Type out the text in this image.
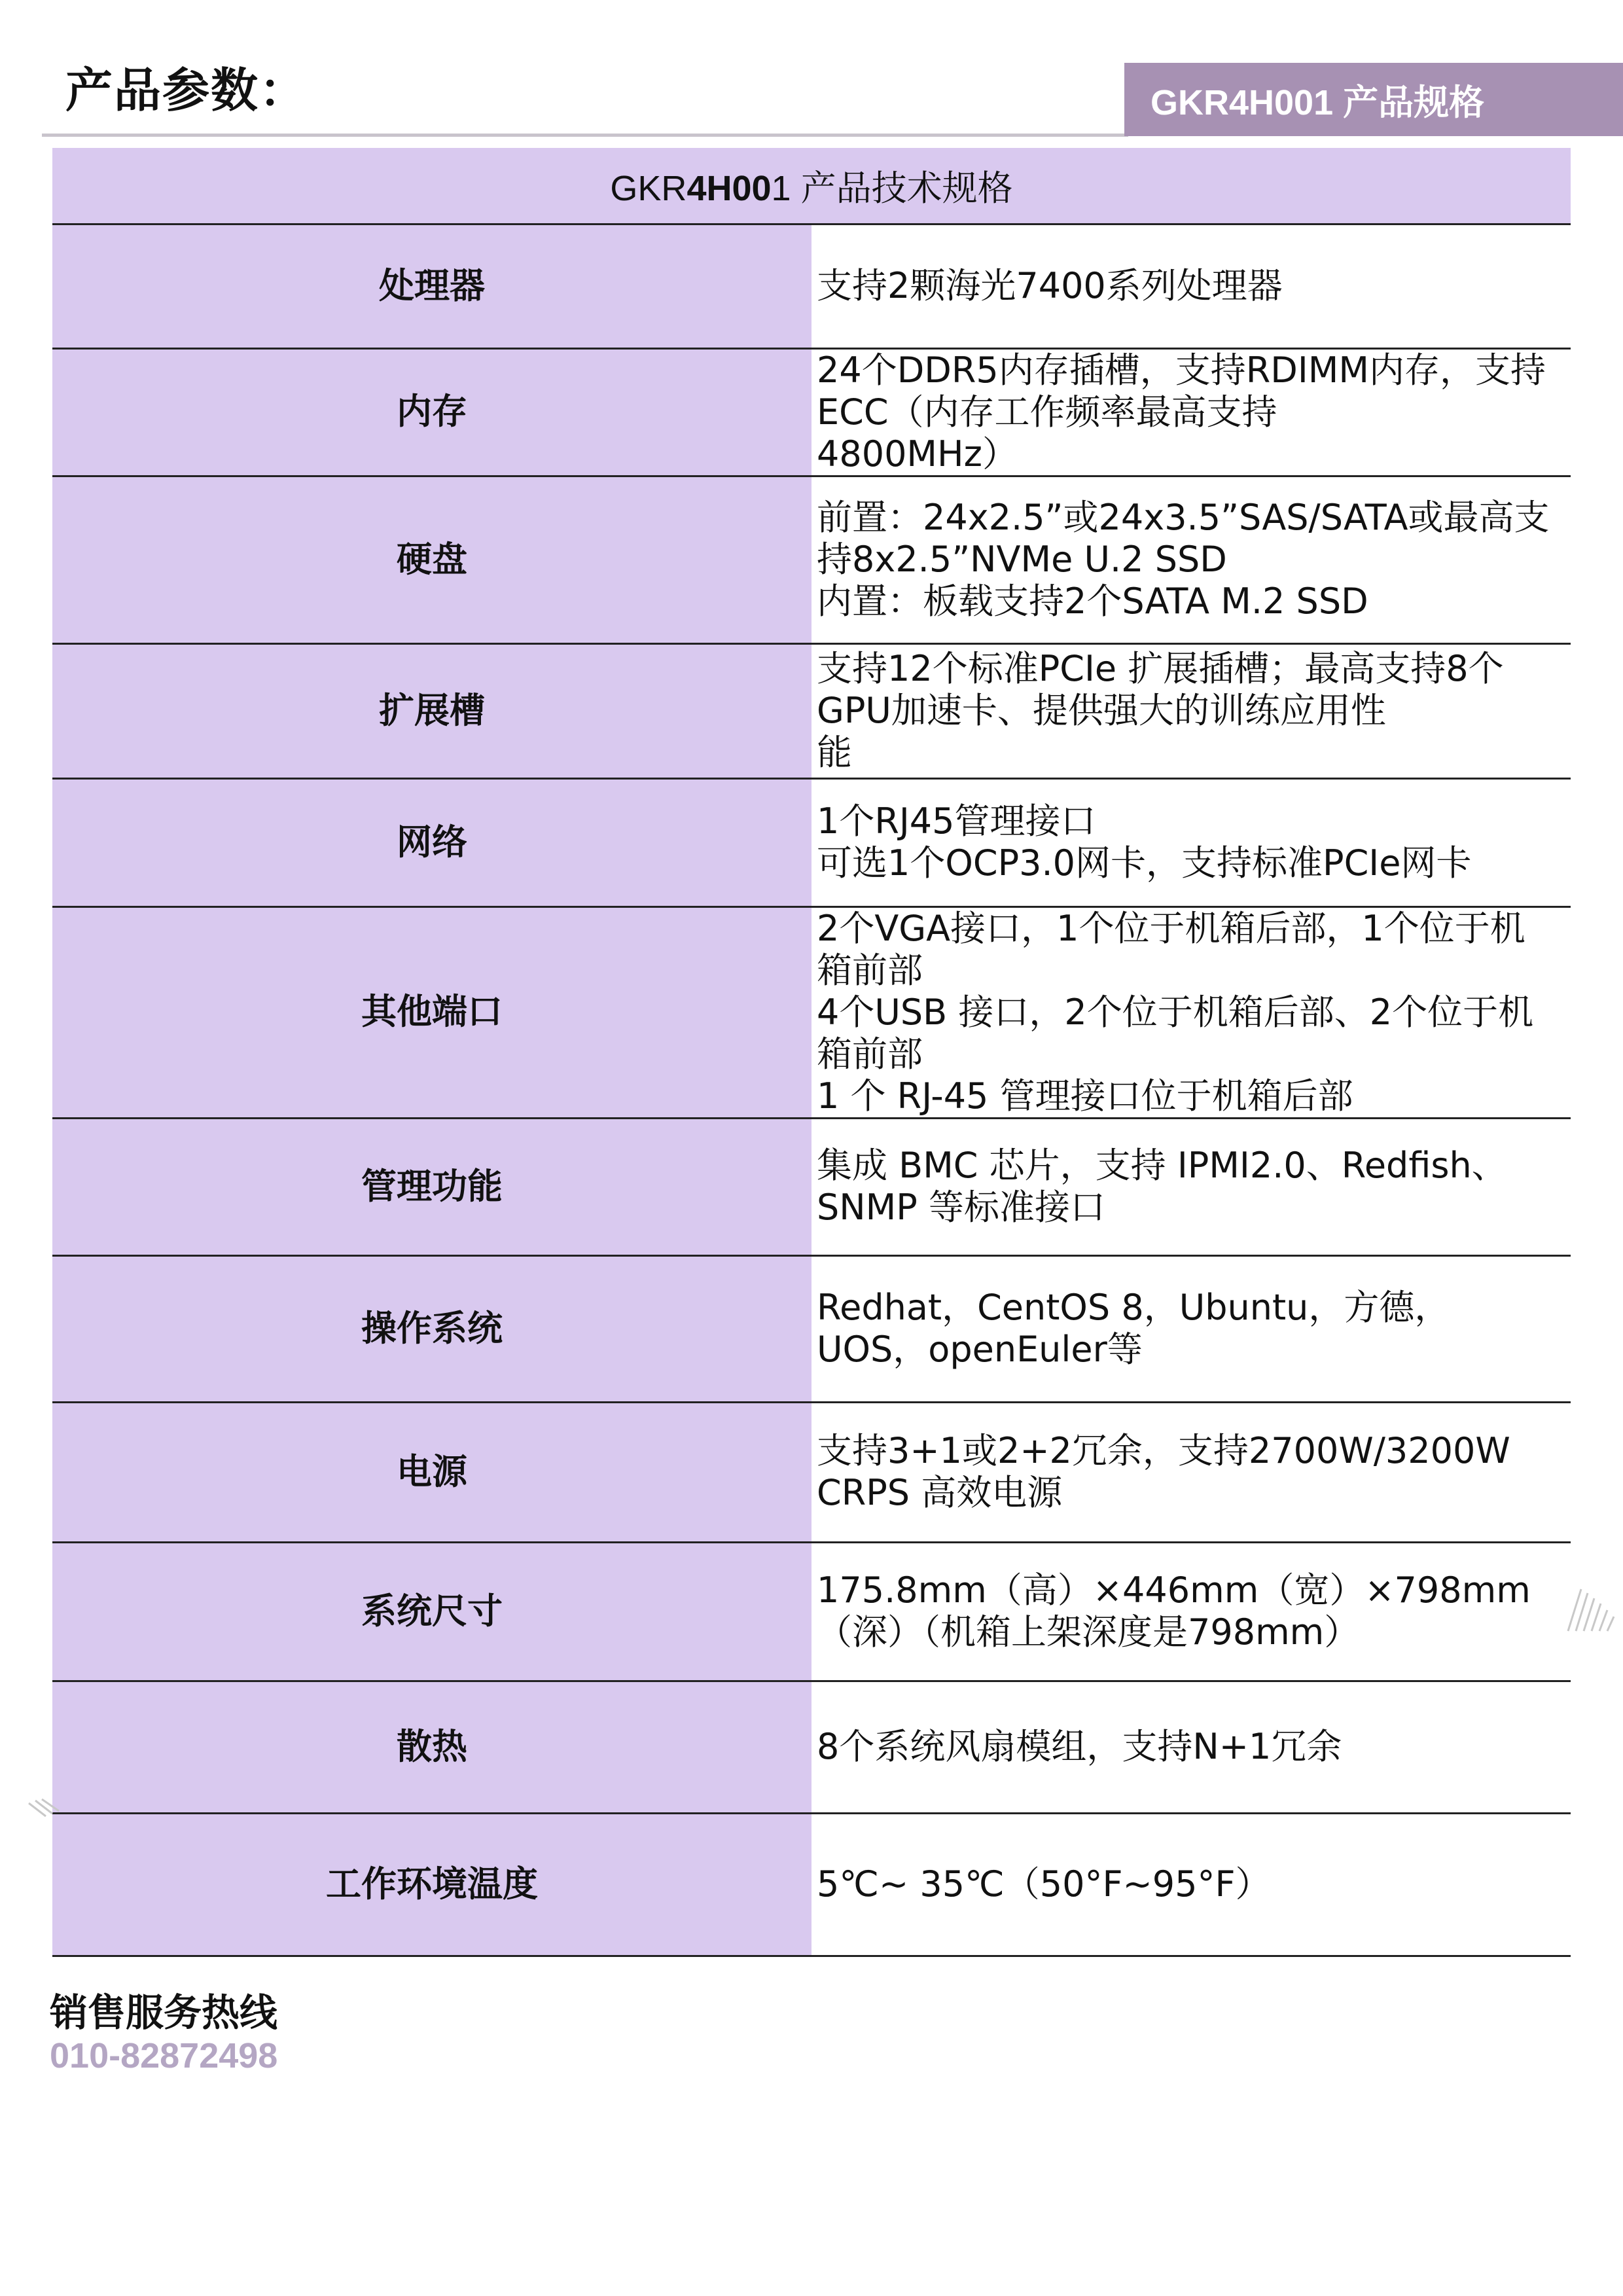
产品参数：	GKR4H001 产品规格
GKR4H001 产品技术规格	
处理器	支持2颗海光7400系列处理器

内存	24个DDR5内存插槽，支持RDIMM内存，支持ECC（内存工作频率最高支持
4800MHz）

硬盘	前置：24x2.5”或24x3.5”SAS/SATA或最高支持8x2.5”NVMe U.2 SSD
内置：板载支持2个SATA M.2 SSD

扩展槽	支持12个标准PCIe 扩展插槽；最高支持8个GPU加速卡、提供强大的训练应用性
能

网络	1个RJ45管理接口
可选1个OCP3.0网卡，支持标准PCIe网卡

其他端口	2个VGA接口，1个位于机箱后部，1个位于机箱前部
4个USB 接口，2个位于机箱后部、2个位于机箱前部
1 个 RJ-45 管理接口位于机箱后部

管理功能	集成 BMC 芯片，支持 IPMI2.0、Redfish、SNMP 等标准接口

操作系统	Redhat，CentOS 8，Ubuntu，方德，UOS，openEuler等

电源	支持3+1或2+2冗余，支持2700W/3200W CRPS 高效电源

系统尺寸	175.8mm（高）×446mm（宽）×798mm（深）（机箱上架深度是798mm）

散热	8个系统风扇模组，支持N+1冗余

工作环境温度	5℃~ 35℃（50°F~95°F）
销售服务热线
010-82872498
